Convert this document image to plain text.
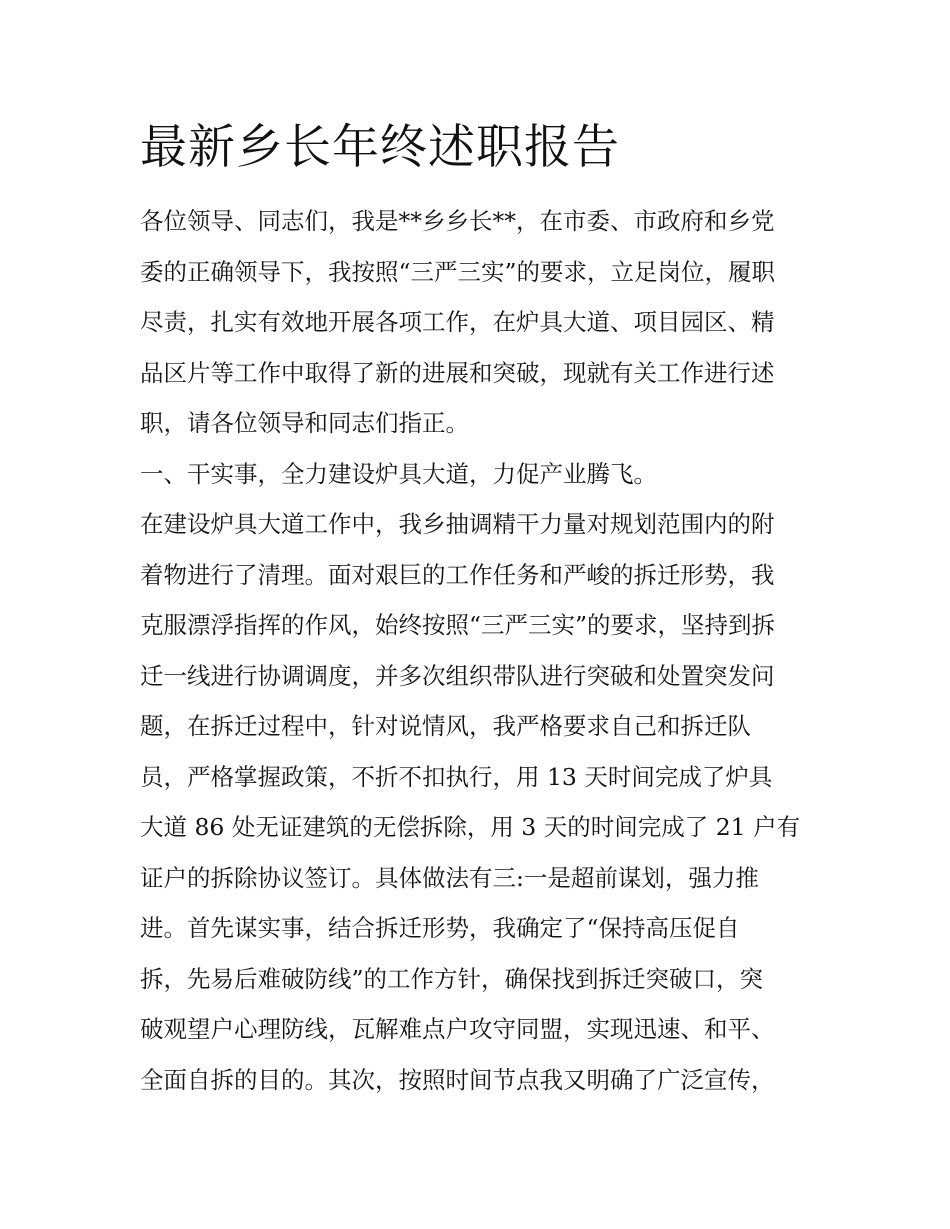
最新乡长年终述职报告
各位领导、同志们，我是**乡乡长**，在市委、市政府和乡党
委的正确领导下，我按照“三严三实”的要求，立足岗位，履职
尽责，扎实有效地开展各项工作，在炉具大道、项目园区、精
品区片等工作中取得了新的进展和突破，现就有关工作进行述
职，请各位领导和同志们指正。
一、干实事，全力建设炉具大道，力促产业腾飞。
在建设炉具大道工作中，我乡抽调精干力量对规划范围内的附
着物进行了清理。面对艰巨的工作任务和严峻的拆迁形势，我
克服漂浮指挥的作风，始终按照“三严三实”的要求，坚持到拆
迁一线进行协调调度，并多次组织带队进行突破和处置突发问
题，在拆迁过程中，针对说情风，我严格要求自己和拆迁队
员，严格掌握政策，不折不扣执行，用 13 天时间完成了炉具
大道 86 处无证建筑的无偿拆除，用 3 天的时间完成了 21 户有
证户的拆除协议签订。具体做法有三:一是超前谋划，强力推
进。首先谋实事，结合拆迁形势，我确定了“保持高压促自
拆，先易后难破防线”的工作方针，确保找到拆迁突破口，突
破观望户心理防线，瓦解难点户攻守同盟，实现迅速、和平、
全面自拆的目的。其次，按照时间节点我又明确了广泛宣传，
